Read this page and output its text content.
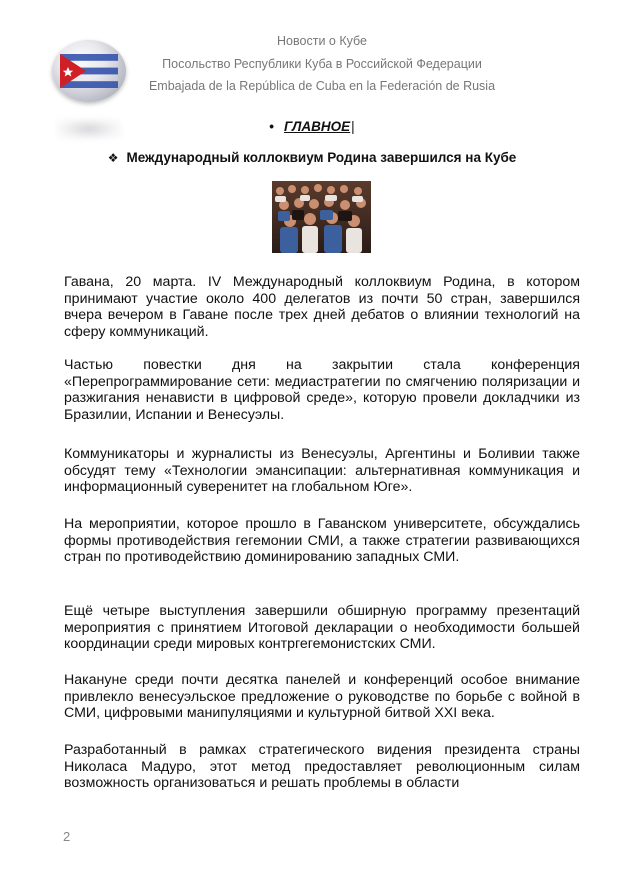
Новости о Кубе
Посольство Республики Куба в Российской Федерации
Embajada de la República de Cuba en la Federación de Rusia
• ГЛАВНОЕ|
❖ Международный коллоквиум Родина завершился на Кубе
Гавана, 20 марта. IV Международный коллоквиум Родина, в котором принимают участие около 400 делегатов из почти 50 стран, завершился вчера вечером в Гаване после трех дней дебатов о влиянии технологий на сферу коммуникаций.
Частью повестки дня на закрытии стала конференция «Перепрограммирование сети: медиастратегии по смягчению поляризации и разжигания ненависти в цифровой среде», которую провели докладчики из Бразилии, Испании и Венесуэлы.
Коммуникаторы и журналисты из Венесуэлы, Аргентины и Боливии также обсудят тему «Технологии эмансипации: альтернативная коммуникация и информационный суверенитет на глобальном Юге».
На мероприятии, которое прошло в Гаванском университете, обсуждались формы противодействия гегемонии СМИ, а также стратегии развивающихся стран по противодействию доминированию западных СМИ.
Ещё четыре выступления завершили обширную программу презентаций мероприятия с принятием Итоговой декларации о необходимости большей координации среди мировых контргегемонистских СМИ.
Накануне среди почти десятка панелей и конференций особое внимание привлекло венесуэльское предложение о руководстве по борьбе с войной в СМИ, цифровыми манипуляциями и культурной битвой XXI века.
Разработанный в рамках стратегического видения президента страны Николаса Мадуро, этот метод предоставляет революционным силам возможность организоваться и решать проблемы в области
2
